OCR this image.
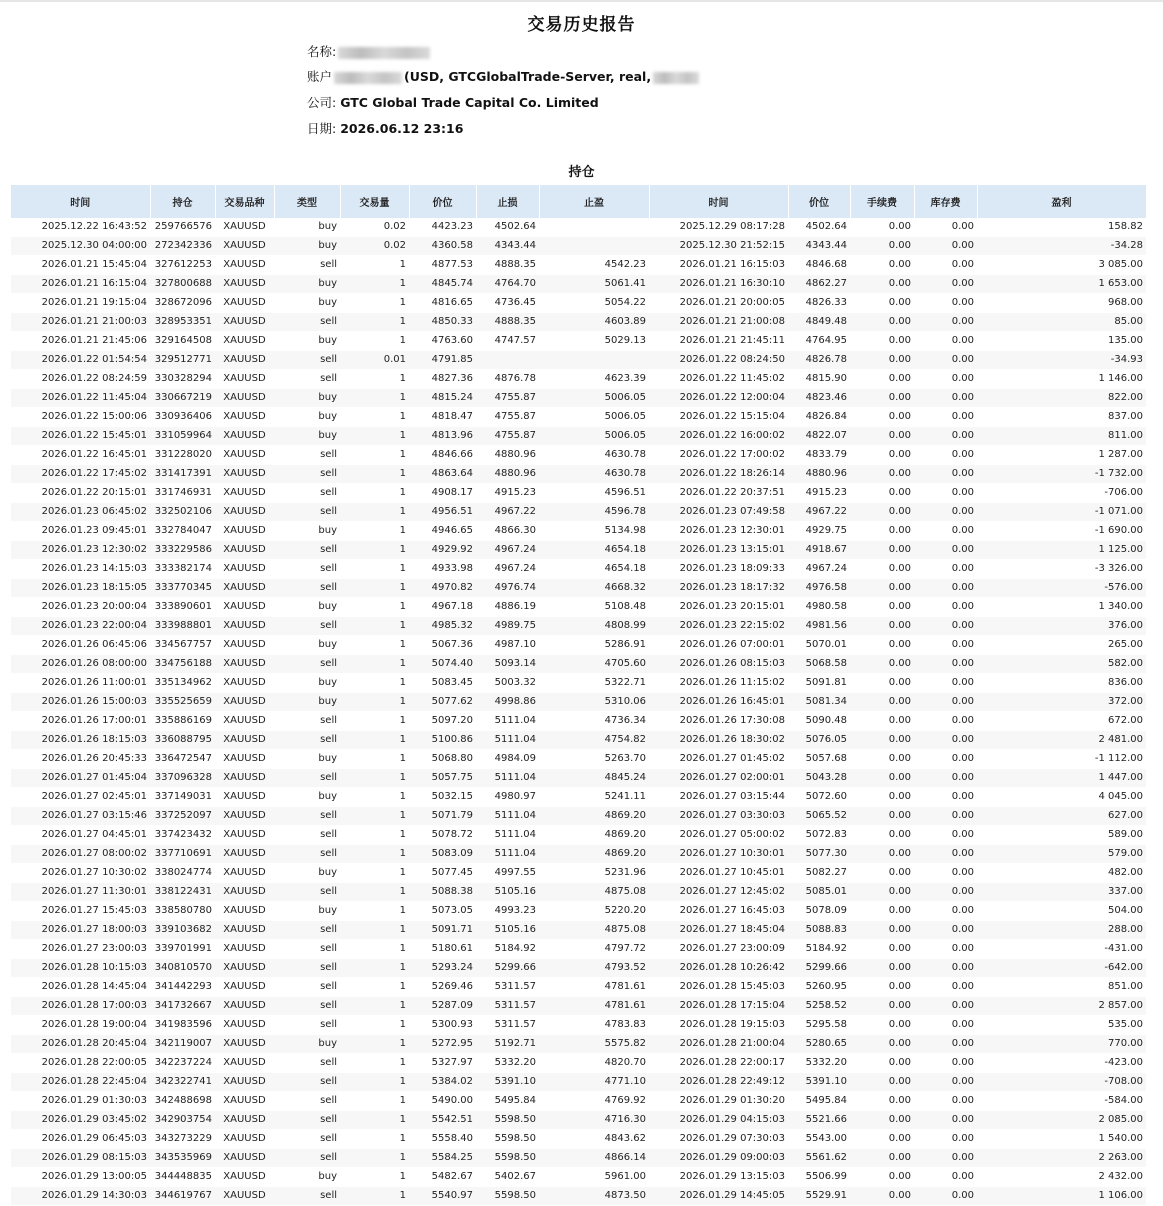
交易历史报告
名称:
账户	(USD, GTCGlobalTrade-Server, real,
公司: GTC Global Trade Capital Co. Limited
日期: 2026.06.12 23:16
持仓
时间	持仓	交易品种	类型	交易量	价位	止损	止盈	时间	价位	手续费	库存费	盈利
2025.12.22 16:43:52	259766576	XAUUSD	buy	0.02	4423.23	4502.64		2025.12.29 08:17:28	4502.64	0.00	0.00	158.82
2025.12.30 04:00:00	272342336	XAUUSD	buy	0.02	4360.58	4343.44		2025.12.30 21:52:15	4343.44	0.00	0.00	-34.28
2026.01.21 15:45:04	327612253	XAUUSD	sell	1	4877.53	4888.35	4542.23	2026.01.21 16:15:03	4846.68	0.00	0.00	3 085.00
2026.01.21 16:15:04	327800688	XAUUSD	buy	1	4845.74	4764.70	5061.41	2026.01.21 16:30:10	4862.27	0.00	0.00	1 653.00
2026.01.21 19:15:04	328672096	XAUUSD	buy	1	4816.65	4736.45	5054.22	2026.01.21 20:00:05	4826.33	0.00	0.00	968.00
2026.01.21 21:00:03	328953351	XAUUSD	sell	1	4850.33	4888.35	4603.89	2026.01.21 21:00:08	4849.48	0.00	0.00	85.00
2026.01.21 21:45:06	329164508	XAUUSD	buy	1	4763.60	4747.57	5029.13	2026.01.21 21:45:11	4764.95	0.00	0.00	135.00
2026.01.22 01:54:54	329512771	XAUUSD	sell	0.01	4791.85			2026.01.22 08:24:50	4826.78	0.00	0.00	-34.93
2026.01.22 08:24:59	330328294	XAUUSD	sell	1	4827.36	4876.78	4623.39	2026.01.22 11:45:02	4815.90	0.00	0.00	1 146.00
2026.01.22 11:45:04	330667219	XAUUSD	buy	1	4815.24	4755.87	5006.05	2026.01.22 12:00:04	4823.46	0.00	0.00	822.00
2026.01.22 15:00:06	330936406	XAUUSD	buy	1	4818.47	4755.87	5006.05	2026.01.22 15:15:04	4826.84	0.00	0.00	837.00
2026.01.22 15:45:01	331059964	XAUUSD	buy	1	4813.96	4755.87	5006.05	2026.01.22 16:00:02	4822.07	0.00	0.00	811.00
2026.01.22 16:45:01	331228020	XAUUSD	sell	1	4846.66	4880.96	4630.78	2026.01.22 17:00:02	4833.79	0.00	0.00	1 287.00
2026.01.22 17:45:02	331417391	XAUUSD	sell	1	4863.64	4880.96	4630.78	2026.01.22 18:26:14	4880.96	0.00	0.00	-1 732.00
2026.01.22 20:15:01	331746931	XAUUSD	sell	1	4908.17	4915.23	4596.51	2026.01.22 20:37:51	4915.23	0.00	0.00	-706.00
2026.01.23 06:45:02	332502106	XAUUSD	sell	1	4956.51	4967.22	4596.78	2026.01.23 07:49:58	4967.22	0.00	0.00	-1 071.00
2026.01.23 09:45:01	332784047	XAUUSD	buy	1	4946.65	4866.30	5134.98	2026.01.23 12:30:01	4929.75	0.00	0.00	-1 690.00
2026.01.23 12:30:02	333229586	XAUUSD	sell	1	4929.92	4967.24	4654.18	2026.01.23 13:15:01	4918.67	0.00	0.00	1 125.00
2026.01.23 14:15:03	333382174	XAUUSD	sell	1	4933.98	4967.24	4654.18	2026.01.23 18:09:33	4967.24	0.00	0.00	-3 326.00
2026.01.23 18:15:05	333770345	XAUUSD	sell	1	4970.82	4976.74	4668.32	2026.01.23 18:17:32	4976.58	0.00	0.00	-576.00
2026.01.23 20:00:04	333890601	XAUUSD	buy	1	4967.18	4886.19	5108.48	2026.01.23 20:15:01	4980.58	0.00	0.00	1 340.00
2026.01.23 22:00:04	333988801	XAUUSD	sell	1	4985.32	4989.75	4808.99	2026.01.23 22:15:02	4981.56	0.00	0.00	376.00
2026.01.26 06:45:06	334567757	XAUUSD	buy	1	5067.36	4987.10	5286.91	2026.01.26 07:00:01	5070.01	0.00	0.00	265.00
2026.01.26 08:00:00	334756188	XAUUSD	sell	1	5074.40	5093.14	4705.60	2026.01.26 08:15:03	5068.58	0.00	0.00	582.00
2026.01.26 11:00:01	335134962	XAUUSD	buy	1	5083.45	5003.32	5322.71	2026.01.26 11:15:02	5091.81	0.00	0.00	836.00
2026.01.26 15:00:03	335525659	XAUUSD	buy	1	5077.62	4998.86	5310.06	2026.01.26 16:45:01	5081.34	0.00	0.00	372.00
2026.01.26 17:00:01	335886169	XAUUSD	sell	1	5097.20	5111.04	4736.34	2026.01.26 17:30:08	5090.48	0.00	0.00	672.00
2026.01.26 18:15:03	336088795	XAUUSD	sell	1	5100.86	5111.04	4754.82	2026.01.26 18:30:02	5076.05	0.00	0.00	2 481.00
2026.01.26 20:45:33	336472547	XAUUSD	buy	1	5068.80	4984.09	5263.70	2026.01.27 01:45:02	5057.68	0.00	0.00	-1 112.00
2026.01.27 01:45:04	337096328	XAUUSD	sell	1	5057.75	5111.04	4845.24	2026.01.27 02:00:01	5043.28	0.00	0.00	1 447.00
2026.01.27 02:45:01	337149031	XAUUSD	buy	1	5032.15	4980.97	5241.11	2026.01.27 03:15:44	5072.60	0.00	0.00	4 045.00
2026.01.27 03:15:46	337252097	XAUUSD	sell	1	5071.79	5111.04	4869.20	2026.01.27 03:30:03	5065.52	0.00	0.00	627.00
2026.01.27 04:45:01	337423432	XAUUSD	sell	1	5078.72	5111.04	4869.20	2026.01.27 05:00:02	5072.83	0.00	0.00	589.00
2026.01.27 08:00:02	337710691	XAUUSD	sell	1	5083.09	5111.04	4869.20	2026.01.27 10:30:01	5077.30	0.00	0.00	579.00
2026.01.27 10:30:02	338024774	XAUUSD	buy	1	5077.45	4997.55	5231.96	2026.01.27 10:45:01	5082.27	0.00	0.00	482.00
2026.01.27 11:30:01	338122431	XAUUSD	sell	1	5088.38	5105.16	4875.08	2026.01.27 12:45:02	5085.01	0.00	0.00	337.00
2026.01.27 15:45:03	338580780	XAUUSD	buy	1	5073.05	4993.23	5220.20	2026.01.27 16:45:03	5078.09	0.00	0.00	504.00
2026.01.27 18:00:03	339103682	XAUUSD	sell	1	5091.71	5105.16	4875.08	2026.01.27 18:45:04	5088.83	0.00	0.00	288.00
2026.01.27 23:00:03	339701991	XAUUSD	sell	1	5180.61	5184.92	4797.72	2026.01.27 23:00:09	5184.92	0.00	0.00	-431.00
2026.01.28 10:15:03	340810570	XAUUSD	sell	1	5293.24	5299.66	4793.52	2026.01.28 10:26:42	5299.66	0.00	0.00	-642.00
2026.01.28 14:45:04	341442293	XAUUSD	sell	1	5269.46	5311.57	4781.61	2026.01.28 15:45:03	5260.95	0.00	0.00	851.00
2026.01.28 17:00:03	341732667	XAUUSD	sell	1	5287.09	5311.57	4781.61	2026.01.28 17:15:04	5258.52	0.00	0.00	2 857.00
2026.01.28 19:00:04	341983596	XAUUSD	sell	1	5300.93	5311.57	4783.83	2026.01.28 19:15:03	5295.58	0.00	0.00	535.00
2026.01.28 20:45:04	342119007	XAUUSD	buy	1	5272.95	5192.71	5575.82	2026.01.28 21:00:04	5280.65	0.00	0.00	770.00
2026.01.28 22:00:05	342237224	XAUUSD	sell	1	5327.97	5332.20	4820.70	2026.01.28 22:00:17	5332.20	0.00	0.00	-423.00
2026.01.28 22:45:04	342322741	XAUUSD	sell	1	5384.02	5391.10	4771.10	2026.01.28 22:49:12	5391.10	0.00	0.00	-708.00
2026.01.29 01:30:03	342488698	XAUUSD	sell	1	5490.00	5495.84	4769.92	2026.01.29 01:30:20	5495.84	0.00	0.00	-584.00
2026.01.29 03:45:02	342903754	XAUUSD	sell	1	5542.51	5598.50	4716.30	2026.01.29 04:15:03	5521.66	0.00	0.00	2 085.00
2026.01.29 06:45:03	343273229	XAUUSD	sell	1	5558.40	5598.50	4843.62	2026.01.29 07:30:03	5543.00	0.00	0.00	1 540.00
2026.01.29 08:15:03	343535969	XAUUSD	sell	1	5584.25	5598.50	4866.14	2026.01.29 09:00:03	5561.62	0.00	0.00	2 263.00
2026.01.29 13:00:05	344448835	XAUUSD	buy	1	5482.67	5402.67	5961.00	2026.01.29 13:15:03	5506.99	0.00	0.00	2 432.00
2026.01.29 14:30:03	344619767	XAUUSD	sell	1	5540.97	5598.50	4873.50	2026.01.29 14:45:05	5529.91	0.00	0.00	1 106.00
